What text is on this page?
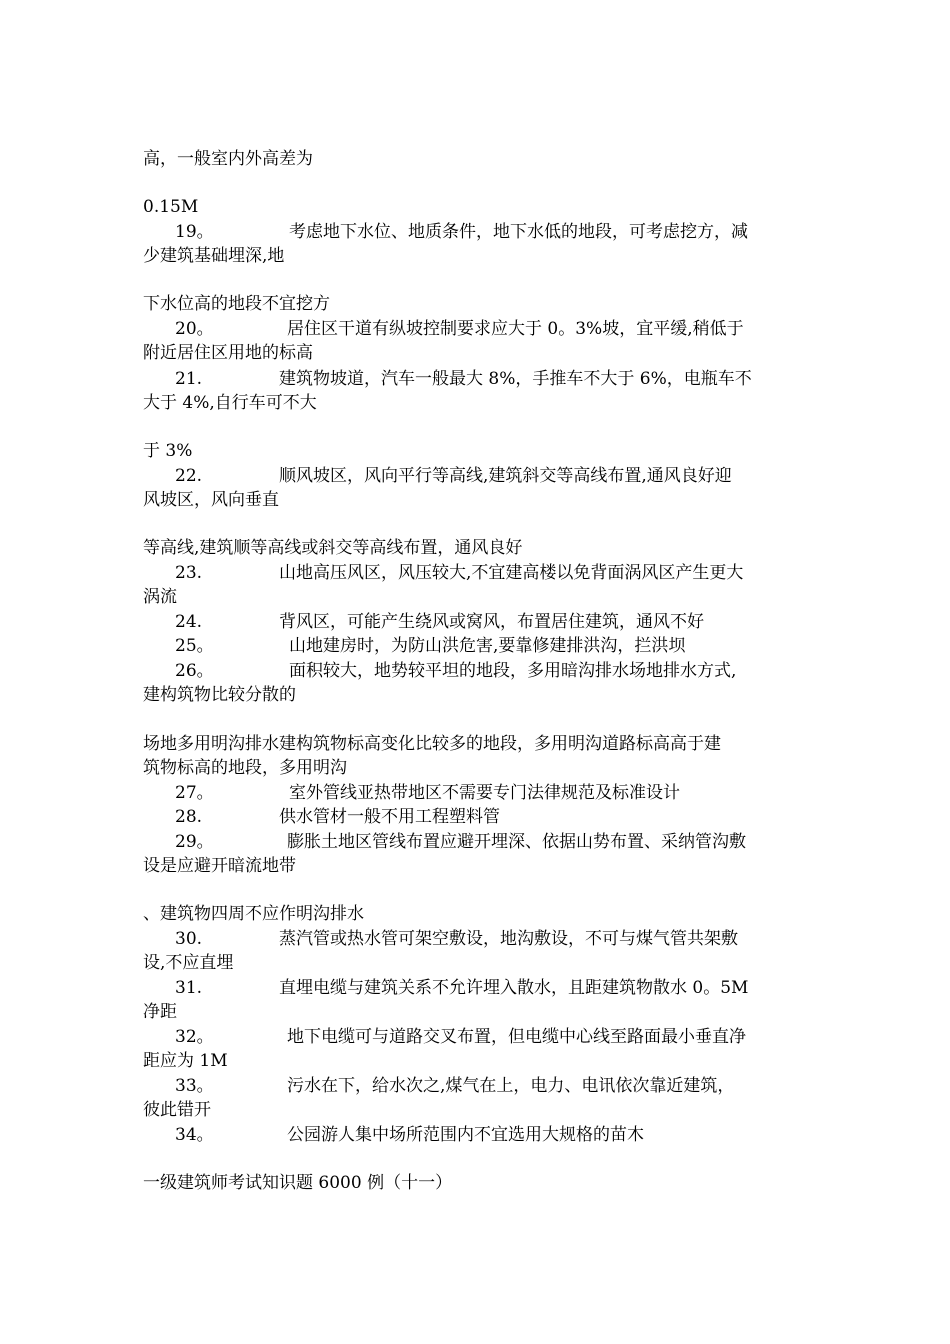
高，一般室内外高差为
0.15M
19。	考虑地下水位、地质条件，地下水低的地段，可考虑挖方，减
少建筑基础埋深,地
下水位高的地段不宜挖方
20。	居住区干道有纵坡控制要求应大于 0。3%坡，宜平缓,稍低于
附近居住区用地的标高
21.	建筑物坡道，汽车一般最大 8%，手推车不大于 6%，电瓶车不
大于 4%,自行车可不大
于 3%
22.	顺风坡区，风向平行等高线,建筑斜交等高线布置,通风良好迎
风坡区，风向垂直
等高线,建筑顺等高线或斜交等高线布置，通风良好
23.	山地高压风区，风压较大,不宜建高楼以免背面涡风区产生更大
涡流
24.	背风区，可能产生绕风或窝风，布置居住建筑，通风不好
25。	山地建房时，为防山洪危害,要靠修建排洪沟，拦洪坝
26。	面积较大，地势较平坦的地段，多用暗沟排水场地排水方式,
建构筑物比较分散的
场地多用明沟排水建构筑物标高变化比较多的地段，多用明沟道路标高高于建
筑物标高的地段，多用明沟
27。	室外管线亚热带地区不需要专门法律规范及标准设计
28.	供水管材一般不用工程塑料管
29。	膨胀土地区管线布置应避开埋深、依据山势布置、采纳管沟敷
设是应避开暗流地带
、建筑物四周不应作明沟排水
30.	蒸汽管或热水管可架空敷设，地沟敷设，不可与煤气管共架敷
设,不应直埋
31.	直埋电缆与建筑关系不允许埋入散水，且距建筑物散水 0。5M
净距
32。	地下电缆可与道路交叉布置，但电缆中心线至路面最小垂直净
距应为 1M
33。	污水在下，给水次之,煤气在上，电力、电讯依次靠近建筑，
彼此错开
34。	公园游人集中场所范围内不宜选用大规格的苗木
一级建筑师考试知识题 6000 例（十一）
